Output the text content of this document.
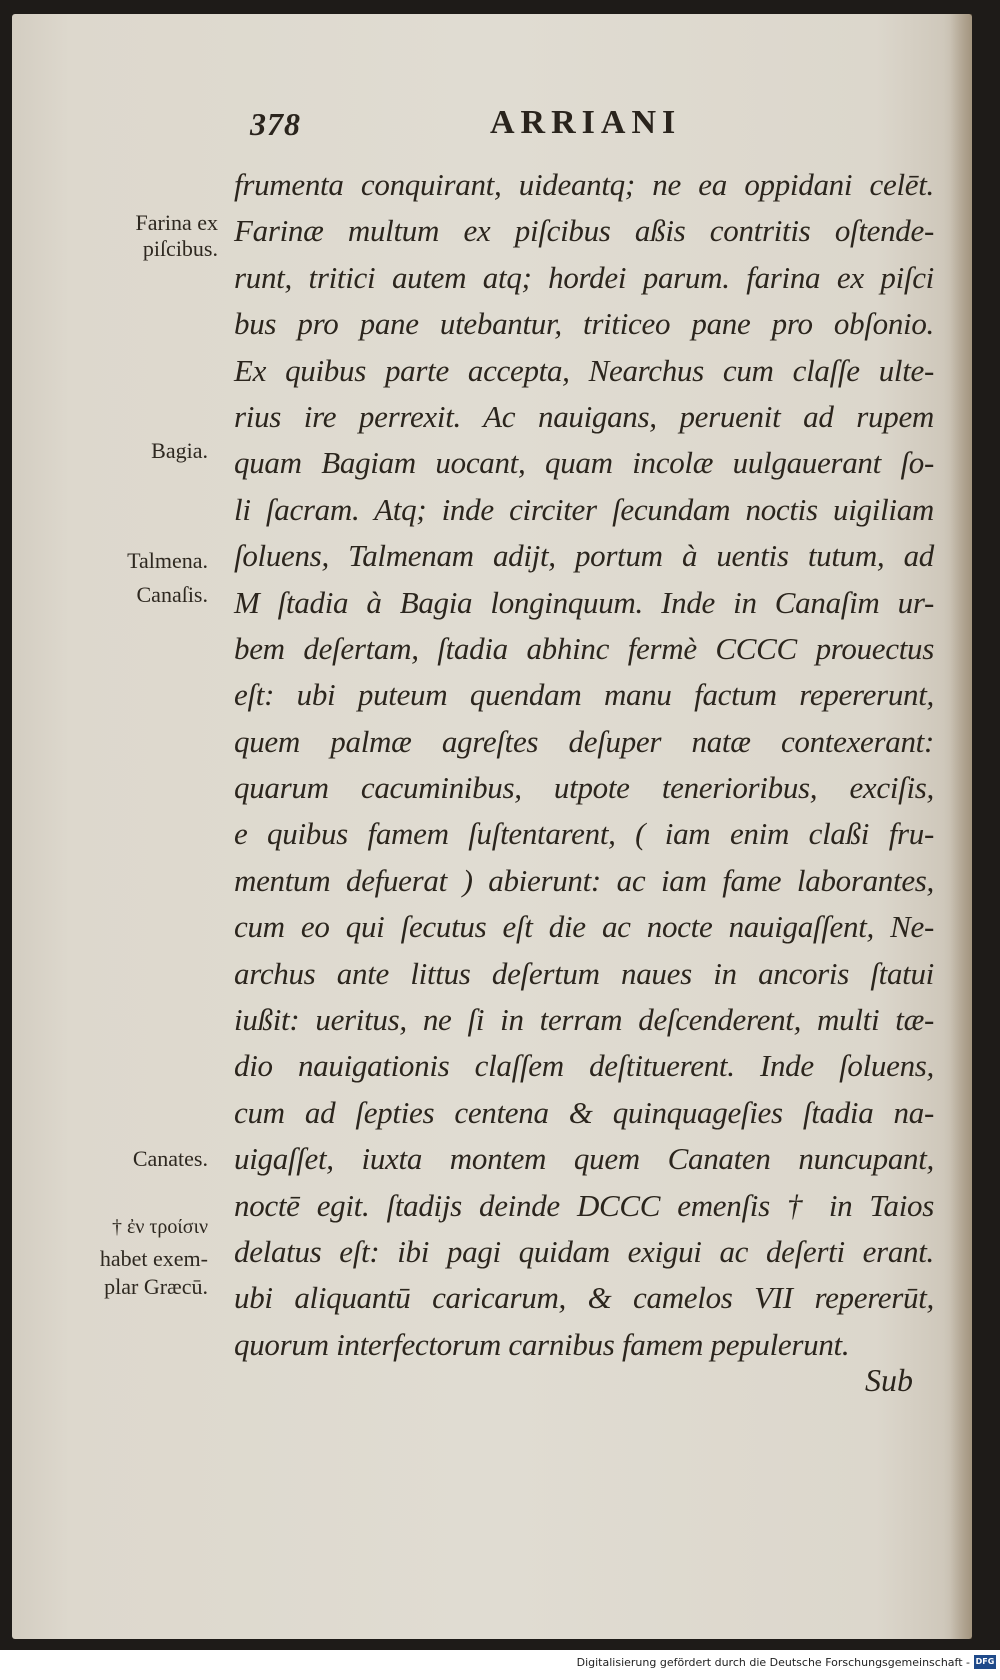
378	ARRIANI
frumenta conquirant, uideantq; ne ea oppidani celēt.
Farinæ multum ex piſcibus aßis contritis oſtende-
runt, tritici autem atq; hordei parum. farina ex piſci
bus pro pane utebantur, triticeo pane pro obſonio.
Ex quibus parte accepta, Nearchus cum claſſe ulte-
rius ire perrexit. Ac nauigans, peruenit ad rupem
quam Bagiam uocant, quam incolæ uulgauerant ſo-
li ſacram. Atq; inde circiter ſecundam noctis uigiliam
ſoluens, Talmenam adijt, portum à uentis tutum, ad
M ſtadia à Bagia longinquum. Inde in Canaſim ur-
bem deſertam, ſtadia abhinc fermè CCCC prouectus
eſt: ubi puteum quendam manu factum repererunt,
quem palmæ agreſtes deſuper natæ contexerant:
quarum cacuminibus, utpote tenerioribus, exciſis,
e quibus famem ſuſtentarent, ( iam enim claßi fru-
mentum defuerat ) abierunt: ac iam fame laborantes,
cum eo qui ſecutus eſt die ac nocte nauigaſſent, Ne-
archus ante littus deſertum naues in ancoris ſtatui
iußit: ueritus, ne ſi in terram deſcenderent, multi tæ-
dio nauigationis claſſem deſtituerent. Inde ſoluens,
cum ad ſepties centena & quinquageſies ſtadia na-
uigaſſet, iuxta montem quem Canaten nuncupant,
noctē egit. ſtadijs deinde DCCC emenſis † in Taios
delatus eſt: ibi pagi quidam exigui ac deſerti erant.
ubi aliquantū caricarum, & camelos VII repererūt,
quorum interfectorum carnibus famem pepulerunt.
Sub
Farina ex piſcibus.
Bagia.
Talmena.
Canaſis.
Canates.
† ἐν τροίσιν
habet exem-
plar Græcū.
Digitalisierung gefördert durch die Deutsche Forschungsgemeinschaft - DFG
